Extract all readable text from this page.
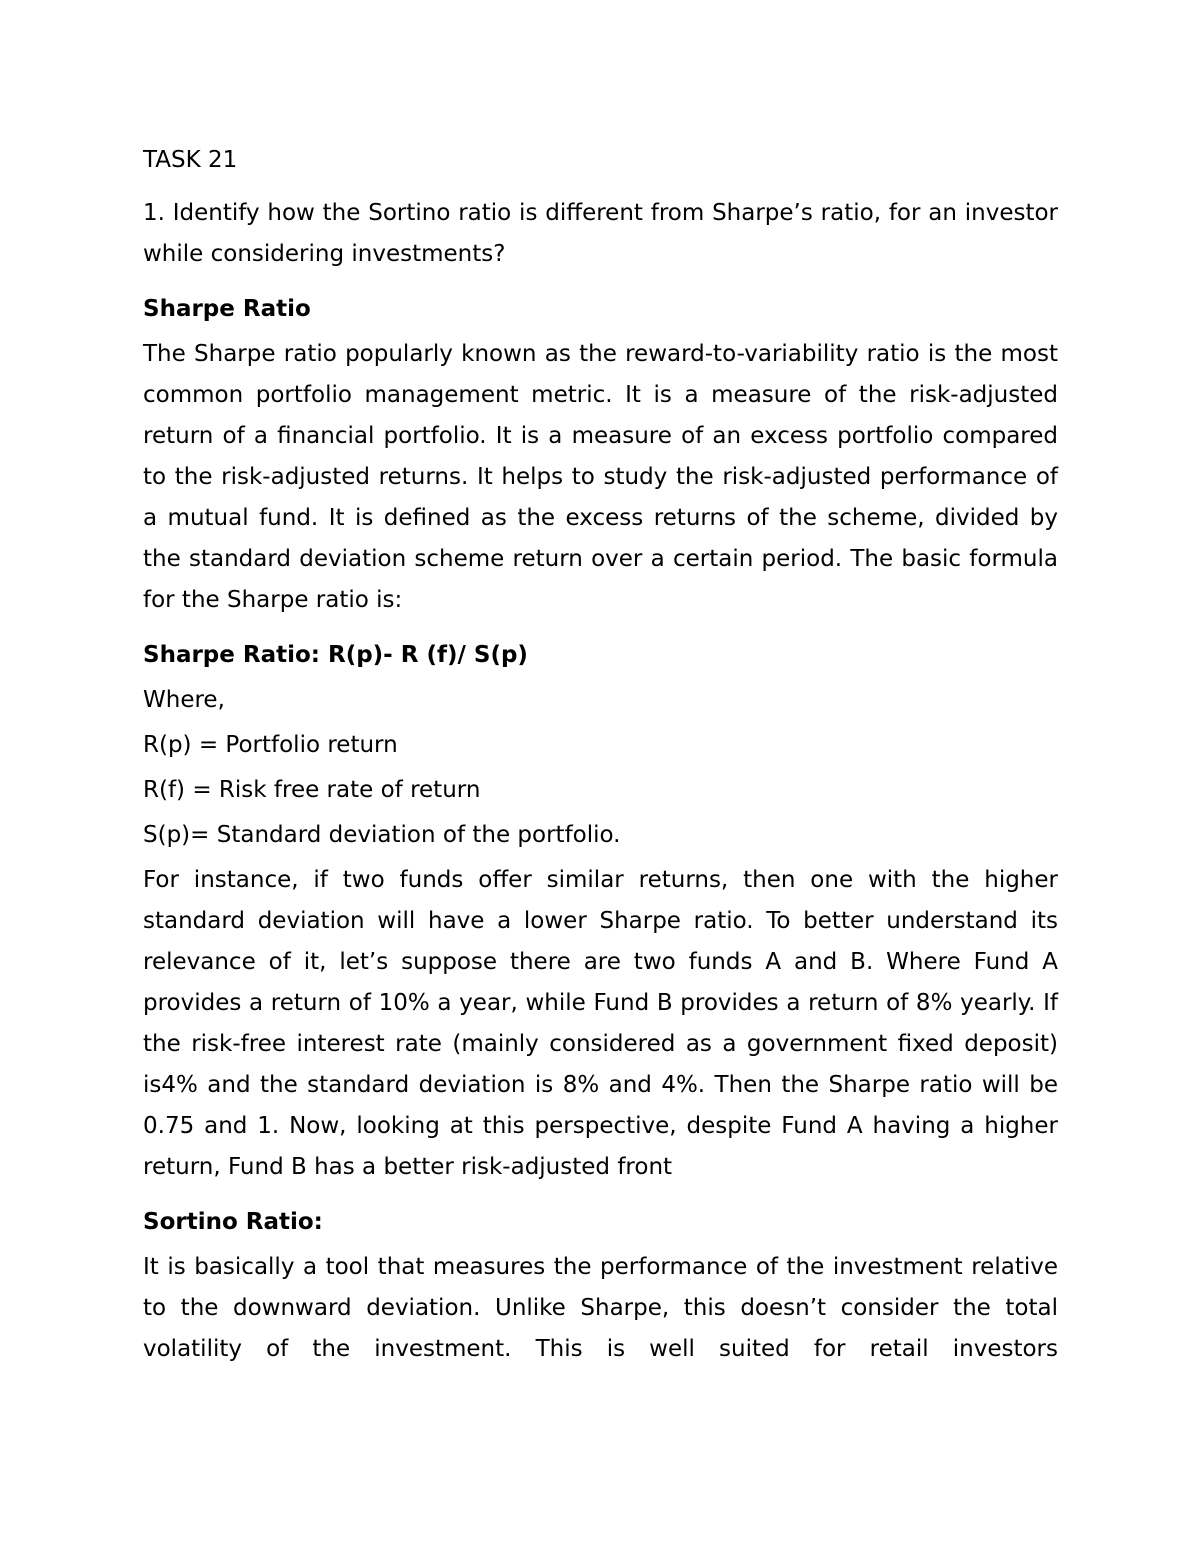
TASK 21

1. Identify how the Sortino ratio is different from Sharpe’s ratio, for an investor while considering investments?

Sharpe Ratio

The Sharpe ratio popularly known as the reward-to-variability ratio is the most common portfolio management metric. It is a measure of the risk-adjusted return of a financial portfolio. It is a measure of an excess portfolio compared to the risk-adjusted returns. It helps to study the risk-adjusted performance of a mutual fund. It is defined as the excess returns of the scheme, divided by the standard deviation scheme return over a certain period. The basic formula for the Sharpe ratio is:

Sharpe Ratio: R(p)- R (f)/ S(p)

Where,

R(p) = Portfolio return

R(f) = Risk free rate of return

S(p)= Standard deviation of the portfolio.

For instance, if two funds offer similar returns, then one with the higher standard deviation will have a lower Sharpe ratio. To better understand its relevance of it, let’s suppose there are two funds A and B. Where Fund A provides a return of 10% a year, while Fund B provides a return of 8% yearly. If the risk-free interest rate (mainly considered as a government fixed deposit) is4% and the standard deviation is 8% and 4%. Then the Sharpe ratio will be 0.75 and 1. Now, looking at this perspective, despite Fund A having a higher return, Fund B has a better risk-adjusted front

Sortino Ratio:

It is basically a tool that measures the performance of the investment relative to the downward deviation. Unlike Sharpe, this doesn’t consider the total volatility of the investment. This is well suited for retail investors
